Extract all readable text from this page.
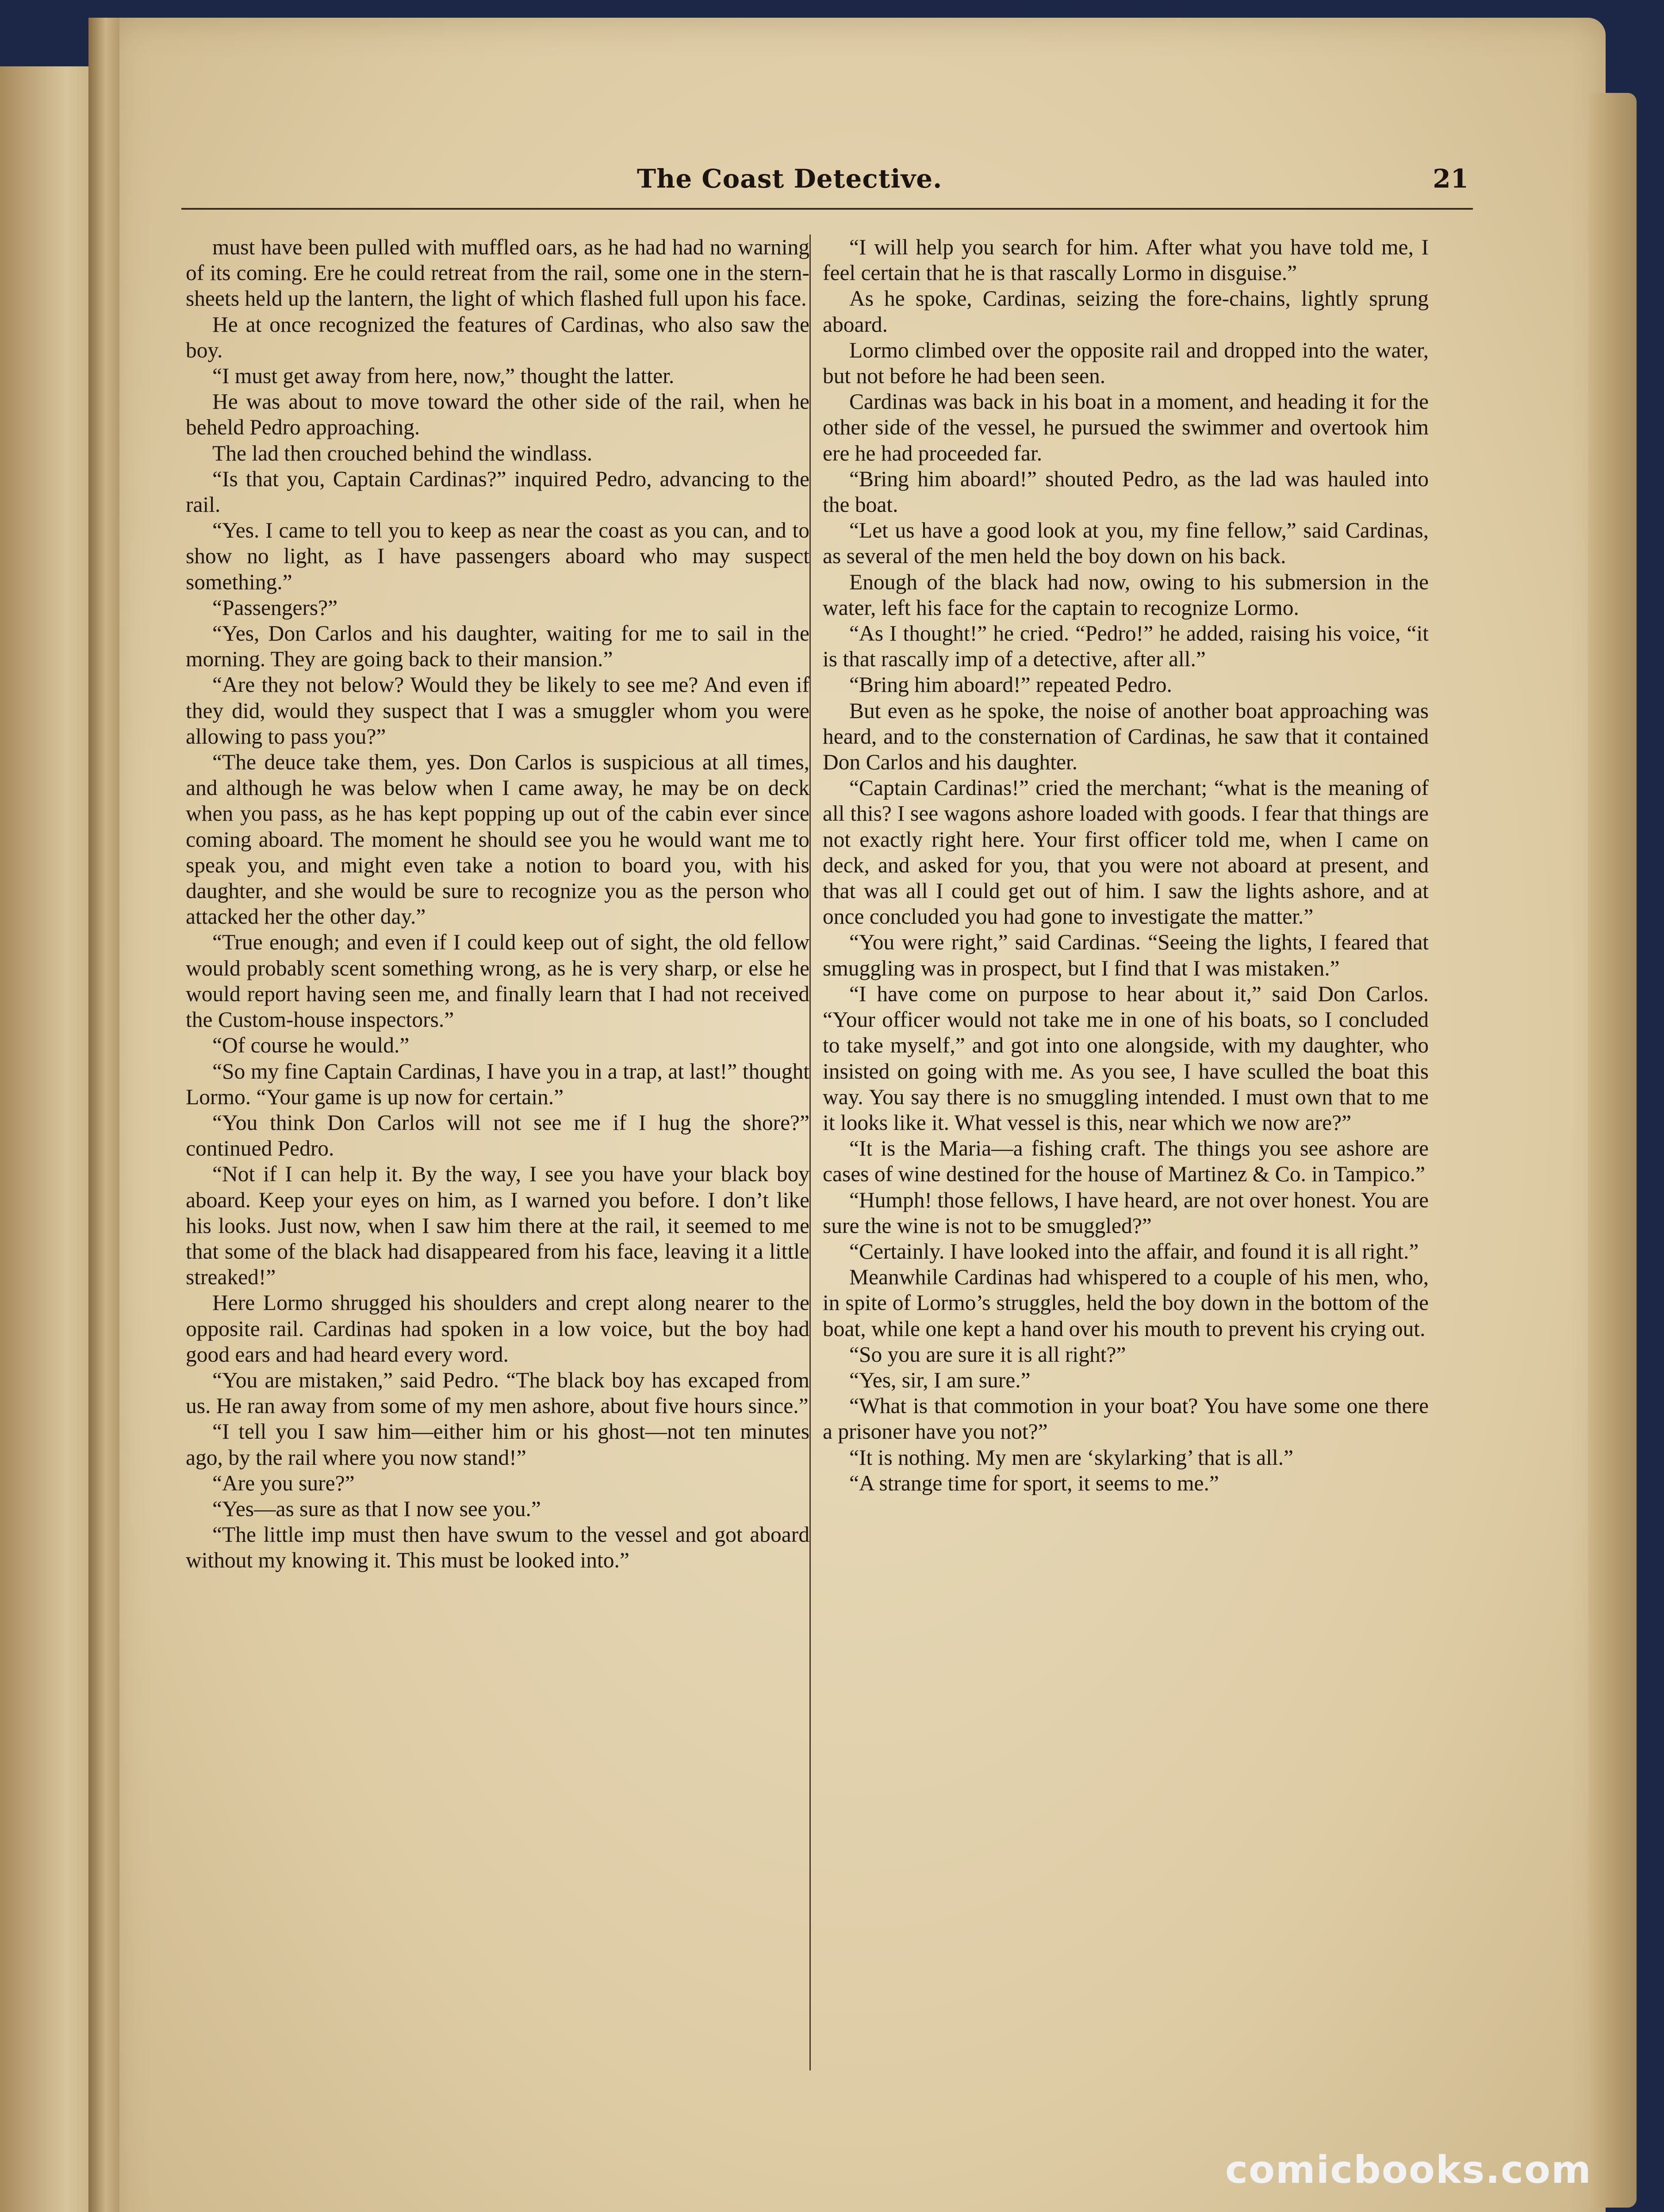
The Coast Detective.	21

must have been pulled with muffled oars, as he had had no warning of its coming. Ere he could retreat from the rail, some one in the stern-sheets held up the lantern, the light of which flashed full upon his face.

He at once recognized the features of Cardinas, who also saw the boy.

“I must get away from here, now,” thought the latter.

He was about to move toward the other side of the rail, when he beheld Pedro approaching.

The lad then crouched behind the windlass.

“Is that you, Captain Cardinas?” inquired Pedro, advancing to the rail.

“Yes. I came to tell you to keep as near the coast as you can, and to show no light, as I have passengers aboard who may suspect something.”

“Passengers?”

“Yes, Don Carlos and his daughter, waiting for me to sail in the morning. They are going back to their mansion.”

“Are they not below? Would they be likely to see me? And even if they did, would they suspect that I was a smuggler whom you were allowing to pass you?”

“The deuce take them, yes. Don Carlos is suspicious at all times, and although he was below when I came away, he may be on deck when you pass, as he has kept popping up out of the cabin ever since coming aboard. The moment he should see you he would want me to speak you, and might even take a notion to board you, with his daughter, and she would be sure to recognize you as the person who attacked her the other day.”

“True enough; and even if I could keep out of sight, the old fellow would probably scent something wrong, as he is very sharp, or else he would report having seen me, and finally learn that I had not received the Custom-house inspectors.”

“Of course he would.”

“So my fine Captain Cardinas, I have you in a trap, at last!” thought Lormo. “Your game is up now for certain.”

“You think Don Carlos will not see me if I hug the shore?” continued Pedro.

“Not if I can help it. By the way, I see you have your black boy aboard. Keep your eyes on him, as I warned you before. I don’t like his looks. Just now, when I saw him there at the rail, it seemed to me that some of the black had disappeared from his face, leaving it a little streaked!”

Here Lormo shrugged his shoulders and crept along nearer to the opposite rail. Cardinas had spoken in a low voice, but the boy had good ears and had heard every word.

“You are mistaken,” said Pedro. “The black boy has excaped from us. He ran away from some of my men ashore, about five hours since.”

“I tell you I saw him—either him or his ghost—not ten minutes ago, by the rail where you now stand!”

“Are you sure?”

“Yes—as sure as that I now see you.”

“The little imp must then have swum to the vessel and got aboard without my knowing it. This must be looked into.”

“I will help you search for him. After what you have told me, I feel certain that he is that rascally Lormo in disguise.”

As he spoke, Cardinas, seizing the fore-chains, lightly sprung aboard.

Lormo climbed over the opposite rail and dropped into the water, but not before he had been seen.

Cardinas was back in his boat in a moment, and heading it for the other side of the vessel, he pursued the swimmer and overtook him ere he had proceeded far.

“Bring him aboard!” shouted Pedro, as the lad was hauled into the boat.

“Let us have a good look at you, my fine fellow,” said Cardinas, as several of the men held the boy down on his back.

Enough of the black had now, owing to his submersion in the water, left his face for the captain to recognize Lormo.

“As I thought!” he cried. “Pedro!” he added, raising his voice, “it is that rascally imp of a detective, after all.”

“Bring him aboard!” repeated Pedro.

But even as he spoke, the noise of another boat approaching was heard, and to the consternation of Cardinas, he saw that it contained Don Carlos and his daughter.

“Captain Cardinas!” cried the merchant; “what is the meaning of all this? I see wagons ashore loaded with goods. I fear that things are not exactly right here. Your first officer told me, when I came on deck, and asked for you, that you were not aboard at present, and that was all I could get out of him. I saw the lights ashore, and at once concluded you had gone to investigate the matter.”

“You were right,” said Cardinas. “Seeing the lights, I feared that smuggling was in prospect, but I find that I was mistaken.”

“I have come on purpose to hear about it,” said Don Carlos. “Your officer would not take me in one of his boats, so I concluded to take myself,” and got into one alongside, with my daughter, who insisted on going with me. As you see, I have sculled the boat this way. You say there is no smuggling intended. I must own that to me it looks like it. What vessel is this, near which we now are?”

“It is the Maria—a fishing craft. The things you see ashore are cases of wine destined for the house of Martinez & Co. in Tampico.”

“Humph! those fellows, I have heard, are not over honest. You are sure the wine is not to be smuggled?”

“Certainly. I have looked into the affair, and found it is all right.”

Meanwhile Cardinas had whispered to a couple of his men, who, in spite of Lormo’s struggles, held the boy down in the bottom of the boat, while one kept a hand over his mouth to prevent his crying out.

“So you are sure it is all right?”

“Yes, sir, I am sure.”

“What is that commotion in your boat? You have some one there a prisoner have you not?”

“It is nothing. My men are ‘skylarking’ that is all.”

“A strange time for sport, it seems to me.”

comicbooks.com
